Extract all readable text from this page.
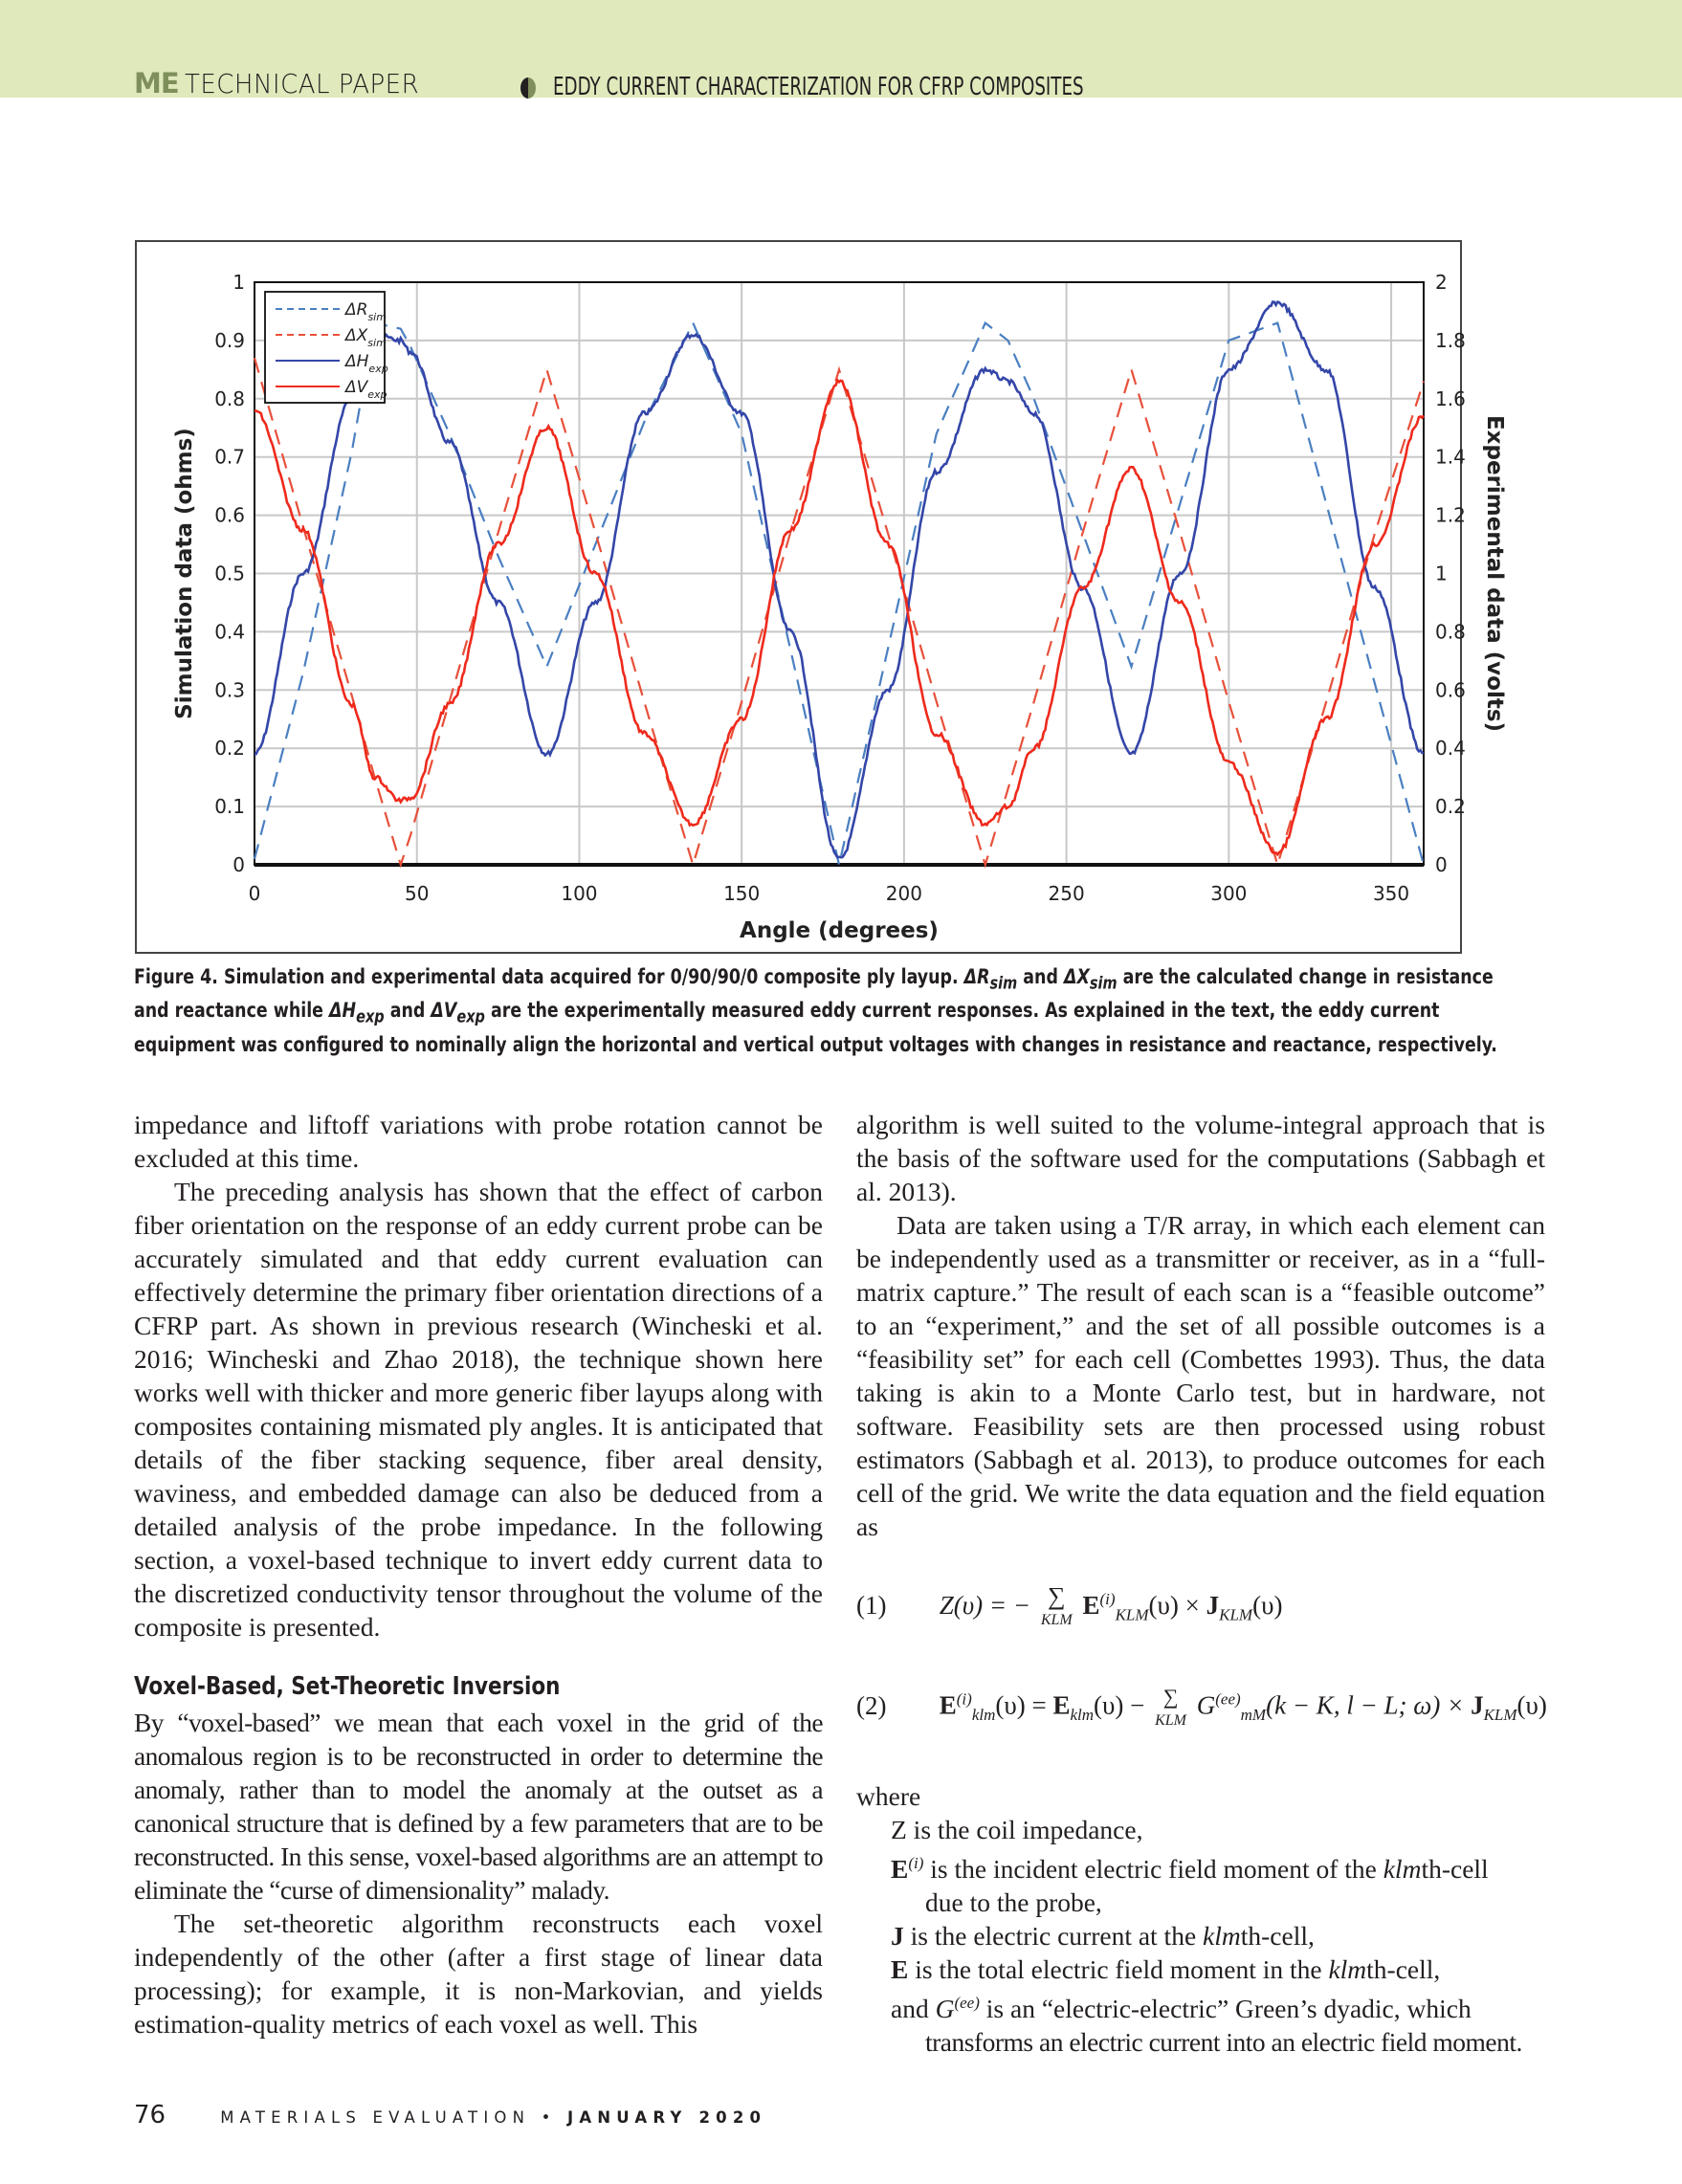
ME TECHNICAL PAPER	EDDY CURRENT CHARACTERIZATION FOR CFRP COMPOSITES
0
0.1
0.2
0.3
0.4
0.5
0.6
0.7
0.8
0.9
1
0
0.2
0.4
0.6
0.8
1
1.2
1.4
1.6
1.8
2
0	50	100	150	200	250	300	350
Angle (degrees)
Simulation data (ohms)	Experimental data (volts)
$\Delta R_{sim}$
$\Delta X_{sim}$
$\Delta H_{exp}$
$\Delta V_{exp}$
Figure 4. Simulation and experimental data acquired for 0/90/90/0 composite ply layup. $\Delta R_{sim}$ and $\Delta X_{sim}$ are the calculated change in resistance and reactance while $\Delta H_{exp}$ and $\Delta V_{exp}$ are the experimentally measured eddy current responses. As explained in the text, the eddy current equipment was configured to nominally align the horizontal and vertical output voltages with changes in resistance and reactance, respectively.

impedance and liftoff variations with probe rotation cannot be excluded at this time.

The preceding analysis has shown that the effect of carbon fiber orientation on the response of an eddy current probe can be accurately simulated and that eddy current evaluation can effectively determine the primary fiber orientation directions of a CFRP part. As shown in previous research (Wincheski et al. 2016; Wincheski and Zhao 2018), the technique shown here works well with thicker and more generic fiber layups along with composites containing mismated ply angles. It is anticipated that details of the fiber stacking sequence, fiber areal density, waviness, and embedded damage can also be deduced from a detailed analysis of the probe impedance. In the following section, a voxel-based technique to invert eddy current data to the discretized conductivity tensor throughout the volume of the composite is presented.

Voxel-Based, Set-Theoretic Inversion

By “voxel-based” we mean that each voxel in the grid of the anomalous region is to be reconstructed in order to determine the anomaly, rather than to model the anomaly at the outset as a canonical structure that is defined by a few parameters that are to be reconstructed. In this sense, voxel-based algorithms are an attempt to eliminate the “curse of dimensionality” malady.

The set-theoretic algorithm reconstructs each voxel independently of the other (after a first stage of linear data processing); for example, it is non-Markovian, and yields estimation-quality metrics of each voxel as well. This

algorithm is well suited to the volume-integral approach that is the basis of the software used for the computations (Sabbagh et al. 2013).

Data are taken using a T/R array, in which each element can be independently used as a transmitter or receiver, as in a “full-matrix capture.” The result of each scan is a “feasible outcome” to an “experiment,” and the set of all possible outcomes is a “feasibility set” for each cell (Combettes 1993). Thus, the data taking is akin to a Monte Carlo test, but in hardware, not software. Feasibility sets are then processed using robust estimators (Sabbagh et al. 2013), to produce outcomes for each cell of the grid. We write the data equation and the field equation as

(1) Z(υ) = − ∑
KLM $E^{(i)}_{KLM}(\upsilon) \times J_{KLM}(\upsilon)$
(2) $E^{(i)}_{klm}(\upsilon) = E_{klm}(\upsilon)$ − ∑
KLM $G^{(ee)}_{mM}(k - K$, l − L; $\omega) \times J_{KLM}(\upsilon)$
where
Z is the coil impedance,
$E^{(i)}$ is the incident electric field moment of the klmth-cell
due to the probe,
J is the electric current at the klmth-cell,
E is the total electric field moment in the klmth-cell,
and $G^{(ee)}$ is an “electric-electric” Green’s dyadic, which
transforms an electric current into an electric field moment.
76	MATERIALS EVALUATION • JANUARY 2020
